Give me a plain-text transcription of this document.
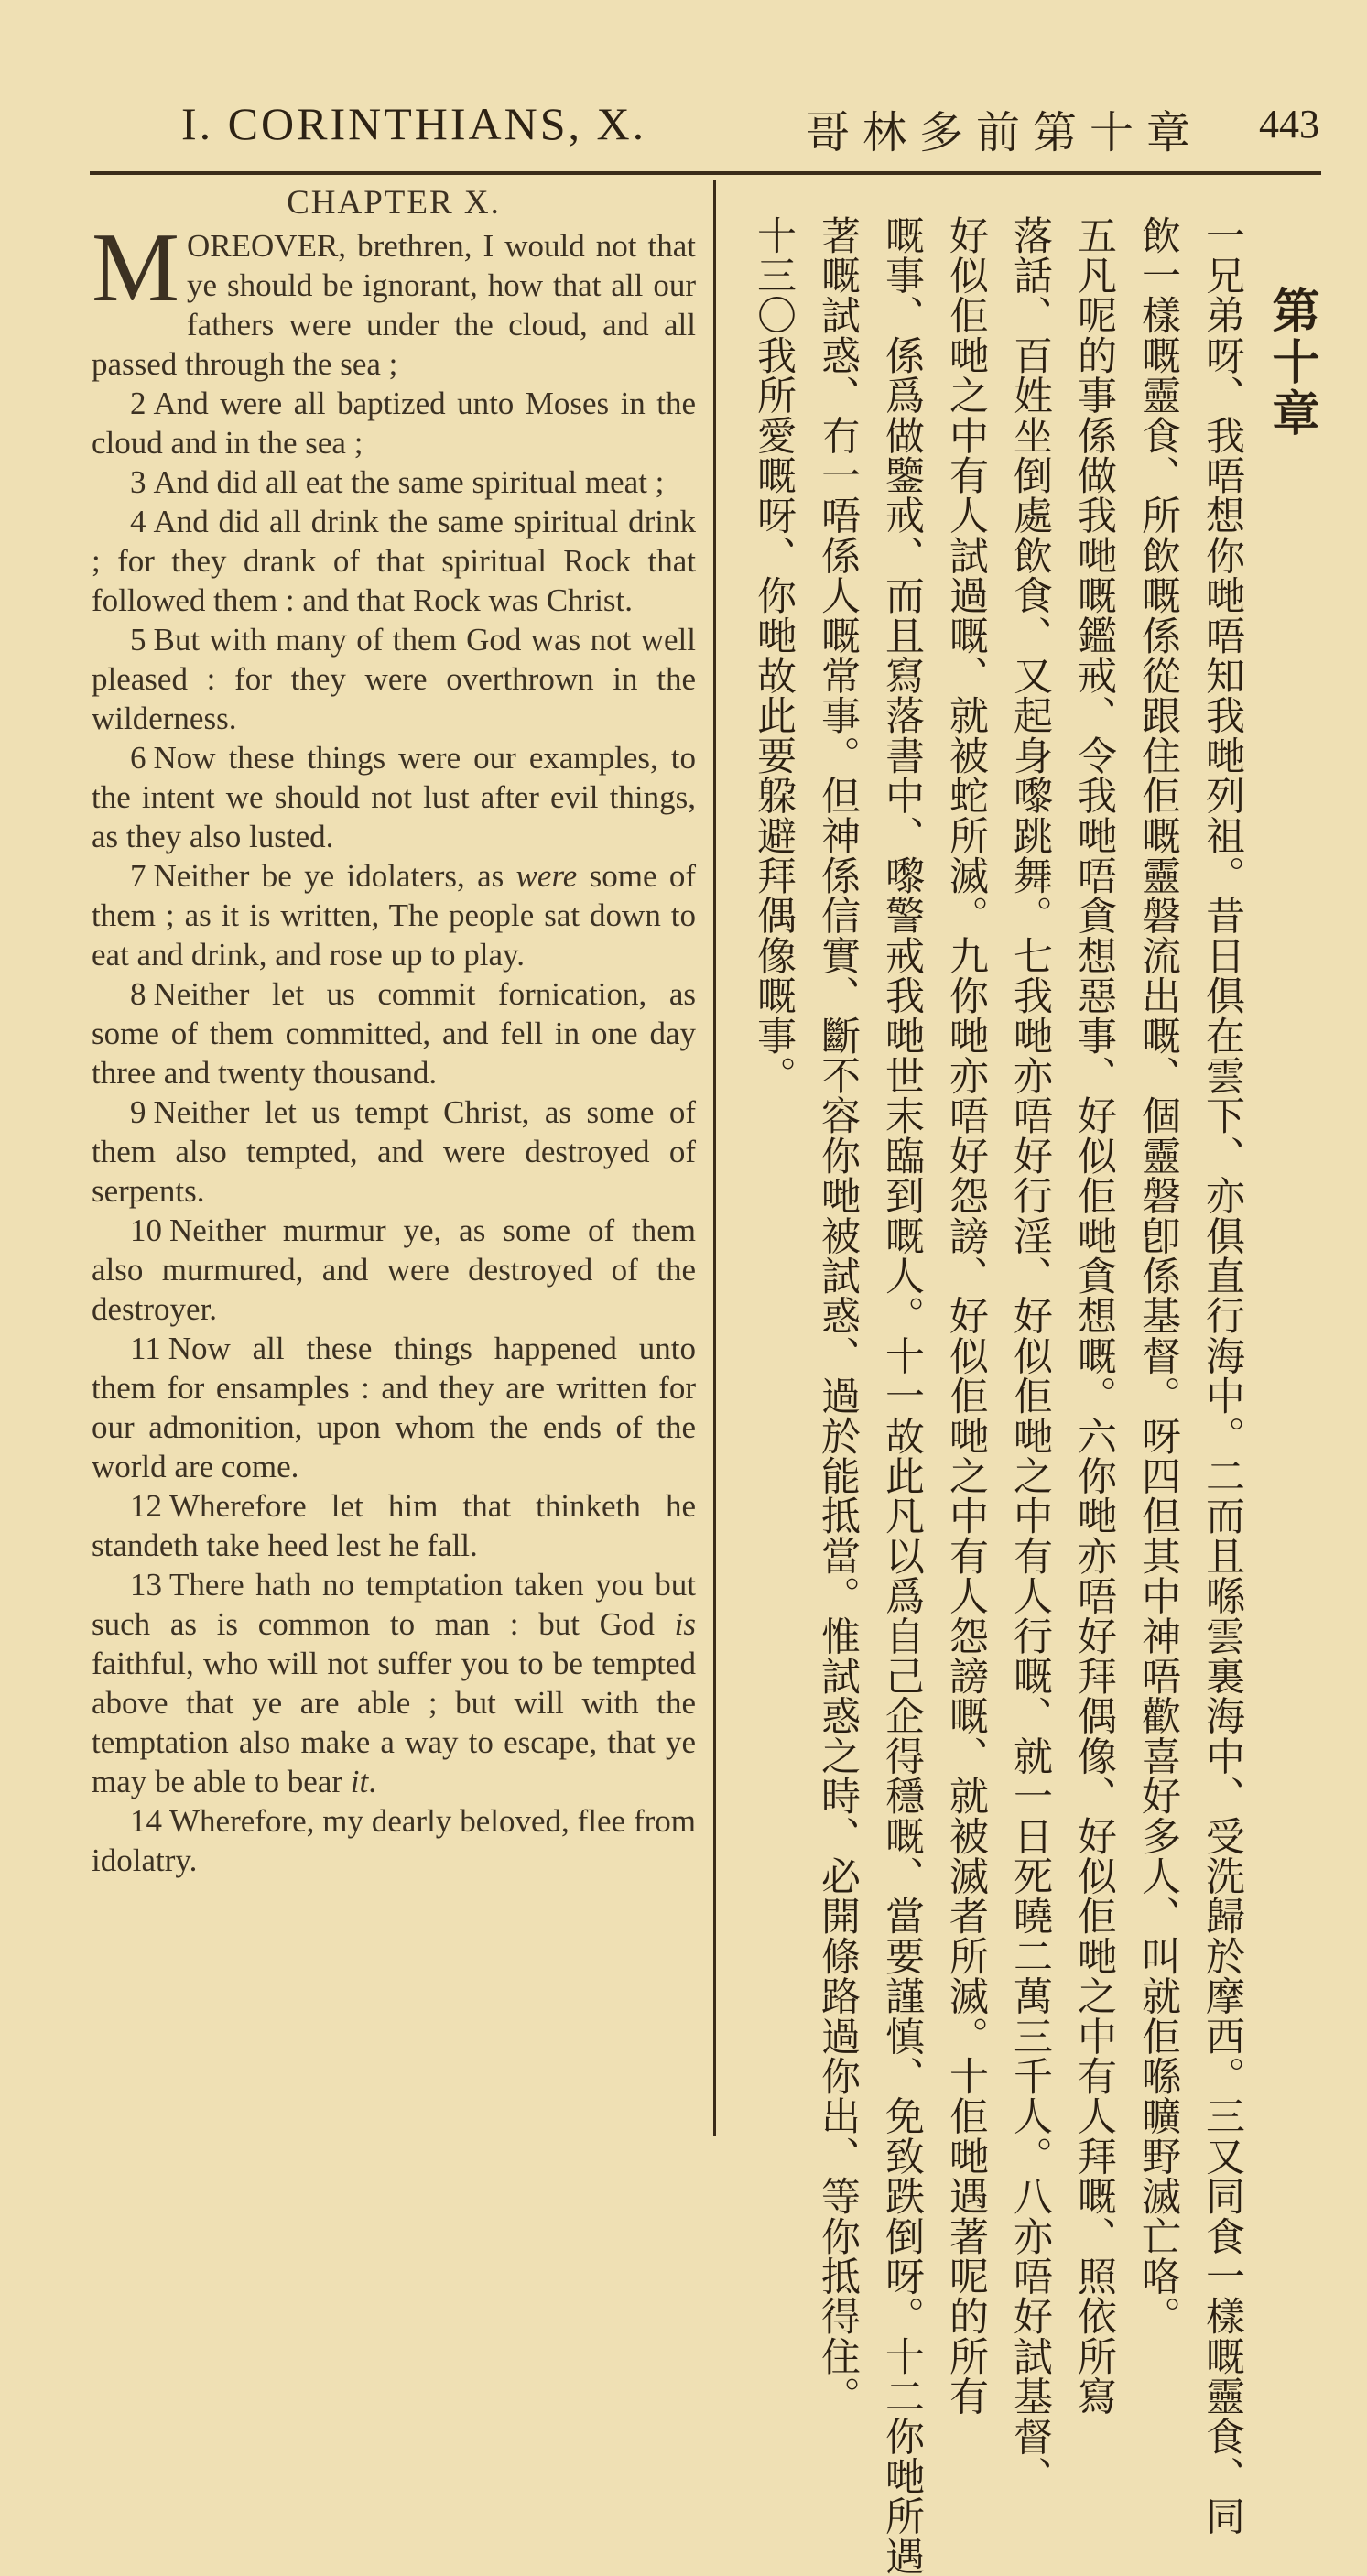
I. CORINTHIANS, X.	哥林多前第十章 443
CHAPTER X.

MOREOVER, brethren, I would not that ye should be ignorant, how that all our fathers were under the cloud, and all passed through the sea ;

2 And were all baptized unto Moses in the cloud and in the sea ;

3 And did all eat the same spiritual meat ;

4 And did all drink the same spiritual drink ; for they drank of that spiritual Rock that followed them : and that Rock was Christ.

5 But with many of them God was not well pleased : for they were overthrown in the wilderness.

6 Now these things were our examples, to the intent we should not lust after evil things, as they also lusted.

7 Neither be ye idolaters, as were some of them ; as it is written, The people sat down to eat and drink, and rose up to play.

8 Neither let us commit fornication, as some of them committed, and fell in one day three and twenty thousand.

9 Neither let us tempt Christ, as some of them also tempted, and were destroyed of serpents.

10 Neither murmur ye, as some of them also murmured, and were destroyed of the destroyer.

11 Now all these things happened unto them for ensamples : and they are written for our admonition, upon whom the ends of the world are come.

12 Wherefore let him that thinketh he standeth take heed lest he fall.

13 There hath no temptation taken you but such as is common to man : but God is faithful, who will not suffer you to be tempted above that ye are able ; but will with the temptation also make a way to escape, that ye may be able to bear it.

14 Wherefore, my dearly beloved, flee from idolatry.

第十章
一兄弟呀、我唔想你哋唔知我哋列祖。昔日俱在雲下、亦俱直行海中。二而且喺雲裏海中、受洗歸於摩西。三又同食一樣嘅靈食、同
飲一樣嘅靈食、所飲嘅係從跟住佢嘅靈磐流出嘅、個靈磐卽係基督。呀四但其中神唔歡喜好多人、叫就佢喺曠野滅亡咯。
五凡呢的事係做我哋嘅鑑戒、令我哋唔貪想惡事、好似佢哋貪想嘅。六你哋亦唔好拜偶像、好似佢哋之中有人拜嘅、照依所寫
落話、百姓坐倒處飲食、又起身嚟跳舞。七我哋亦唔好行淫、好似佢哋之中有人行嘅、就一日死曉二萬三千人。八亦唔好試基督、
好似佢哋之中有人試過嘅、就被蛇所滅。九你哋亦唔好怨謗、好似佢哋之中有人怨謗嘅、就被滅者所滅。十佢哋遇著呢的所有
嘅事、係爲做鑒戒、而且寫落書中、嚟警戒我哋世末臨到嘅人。十一故此凡以爲自己企得穩嘅、當要謹慎、免致跌倒呀。十二你哋所遇
著嘅試惑、冇一唔係人嘅常事。但神係信實、斷不容你哋被試惑、過於能抵當。惟試惑之時、必開條路過你出、等你抵得住。
十三〇我所愛嘅呀、你哋故此要躱避拜偶像嘅事。
